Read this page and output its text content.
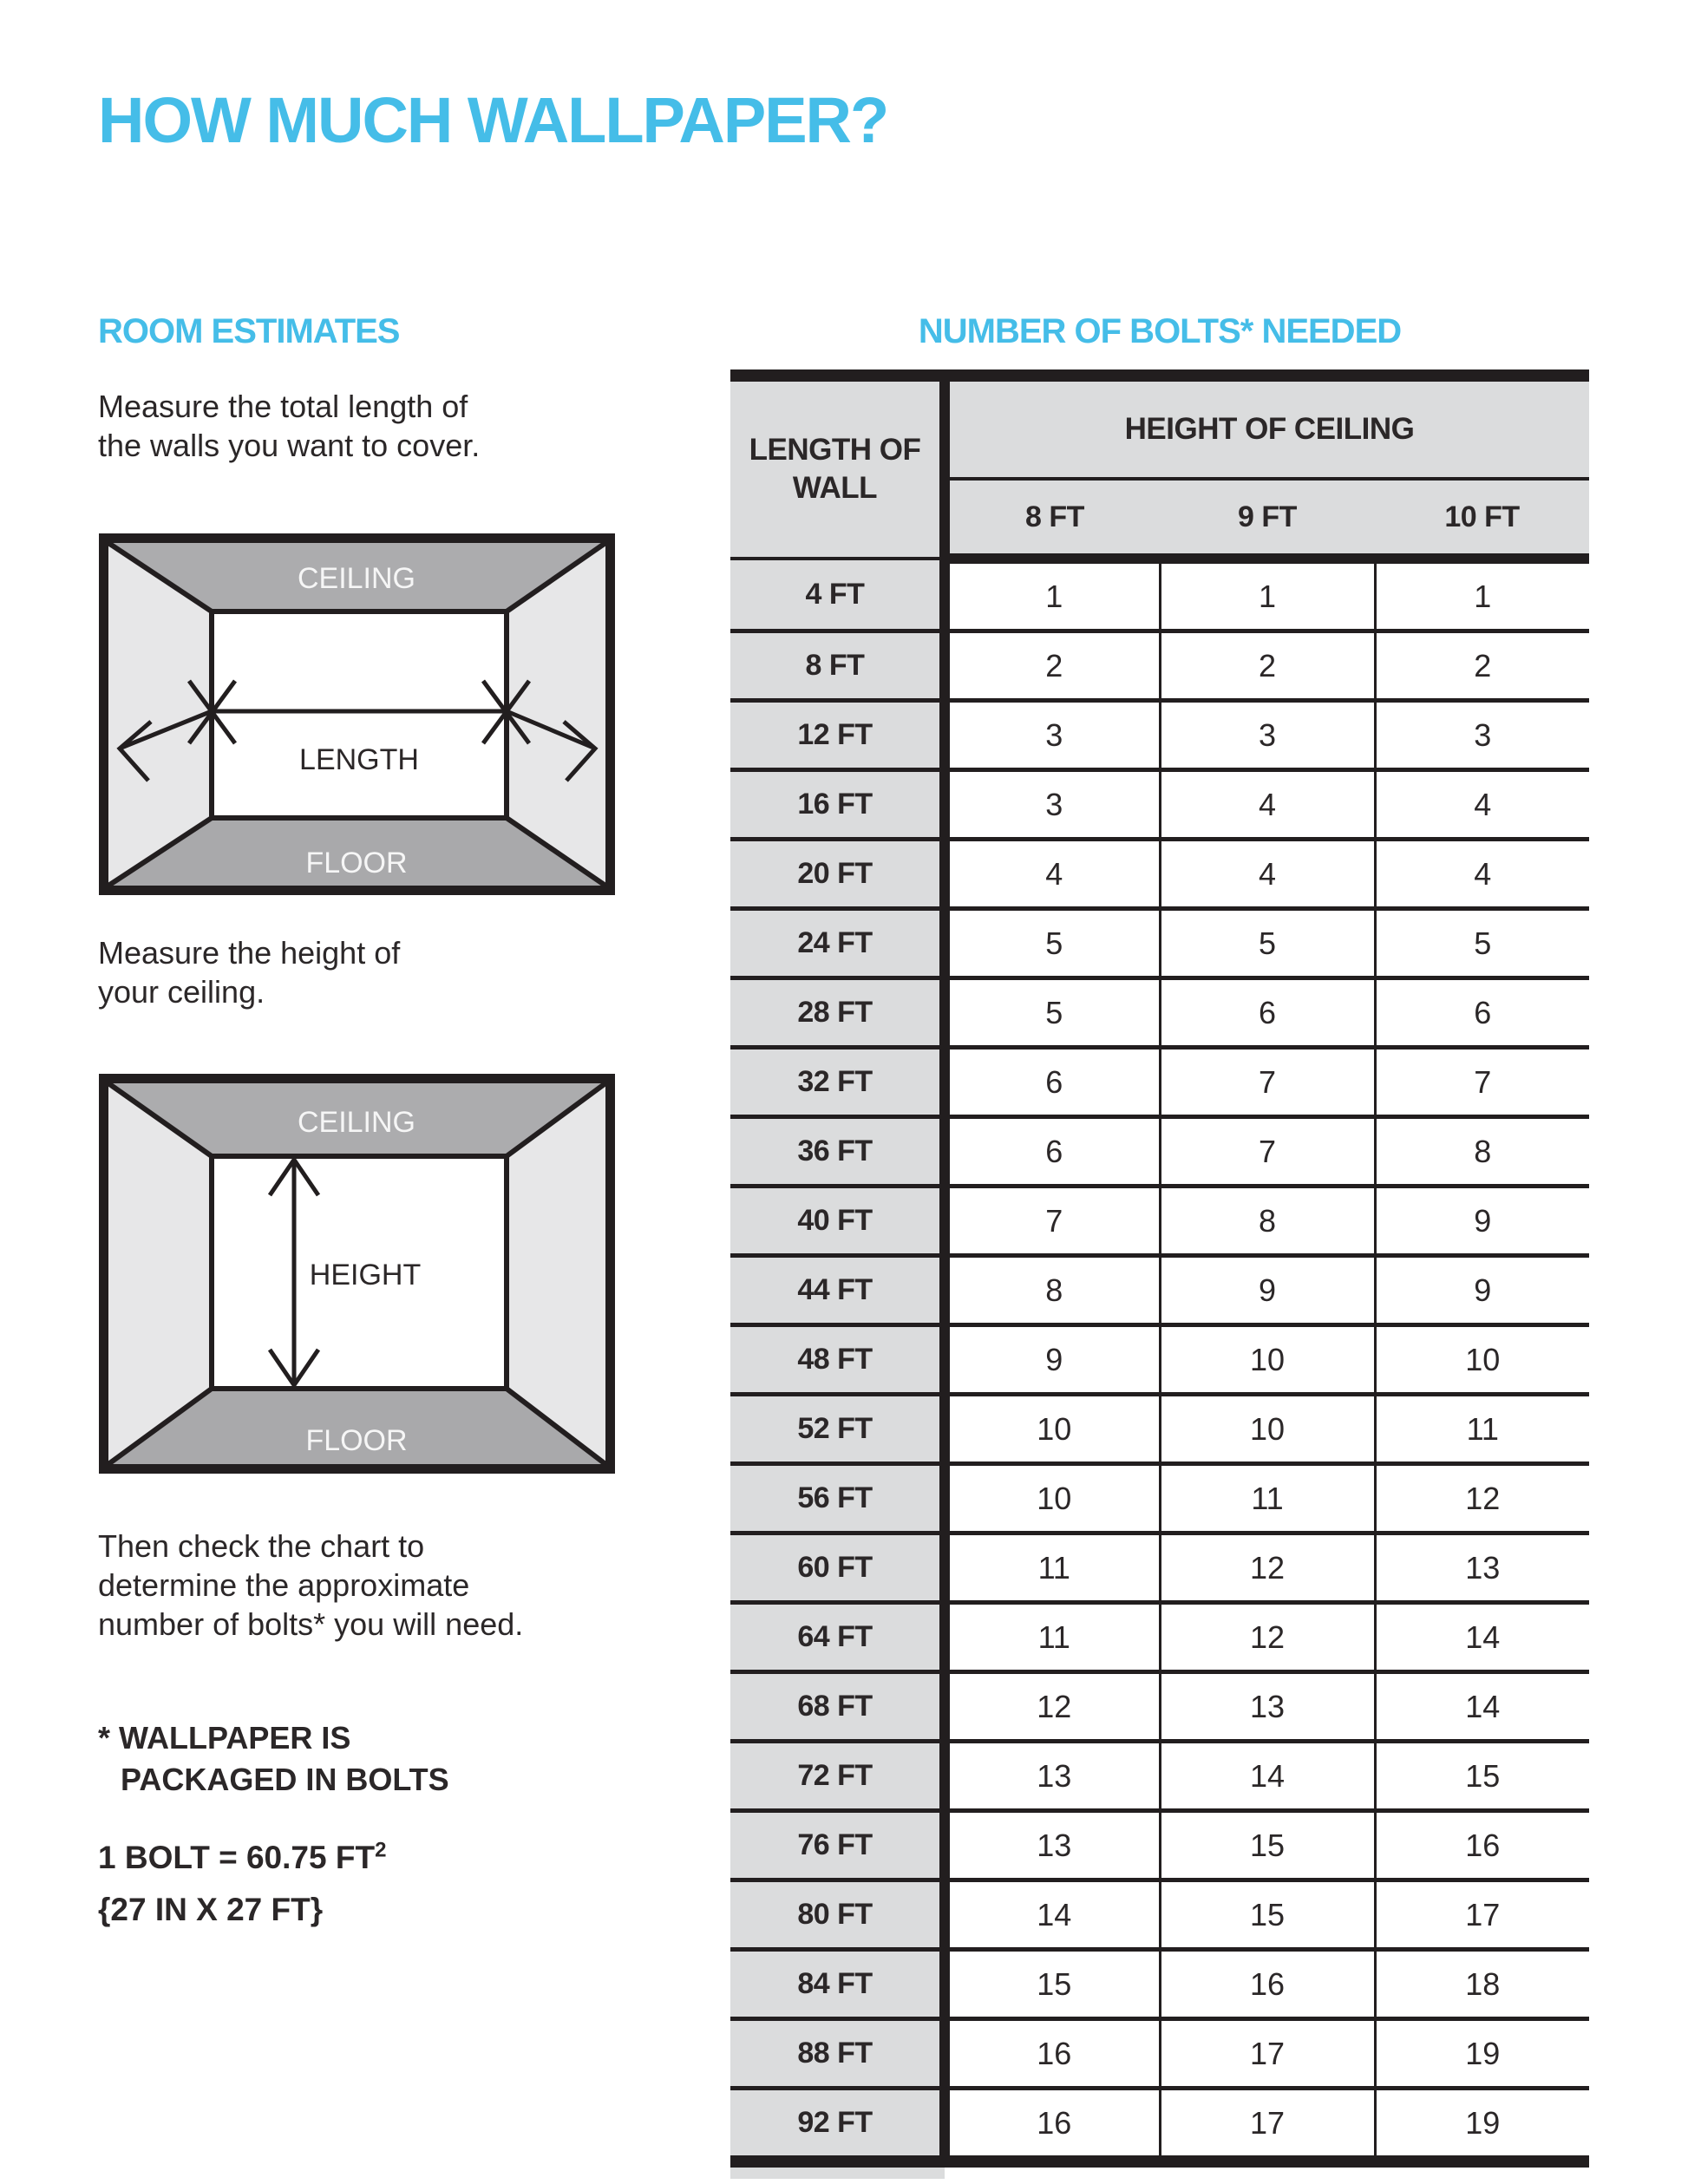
HOW MUCH WALLPAPER?
ROOM ESTIMATES

Measure the total length of
the walls you want to cover.

CEILING
FLOOR
LENGTH

Measure the height of
your ceiling.

CEILING
FLOOR
HEIGHT

Then check the chart to
determine the approximate
number of bolts* you will need.

* WALLPAPER IS
PACKAGED IN BOLTS

1 BOLT = 60.75 $FT^2$
{27 IN X 27 FT}

NUMBER OF BOLTS* NEEDED
LENGTH OF WALL	HEIGHT OF CEILING		
	8 FT	9 FT	10 FT
4 FT	1	1	1
8 FT	2	2	2
12 FT	3	3	3
16 FT	3	4	4
20 FT	4	4	4
24 FT	5	5	5
28 FT	5	6	6
32 FT	6	7	7
36 FT	6	7	8
40 FT	7	8	9
44 FT	8	9	9
48 FT	9	10	10
52 FT	10	10	11
56 FT	10	11	12
60 FT	11	12	13
64 FT	11	12	14
68 FT	12	13	14
72 FT	13	14	15
76 FT	13	15	16
80 FT	14	15	17
84 FT	15	16	18
88 FT	16	17	19
92 FT	16	17	19
